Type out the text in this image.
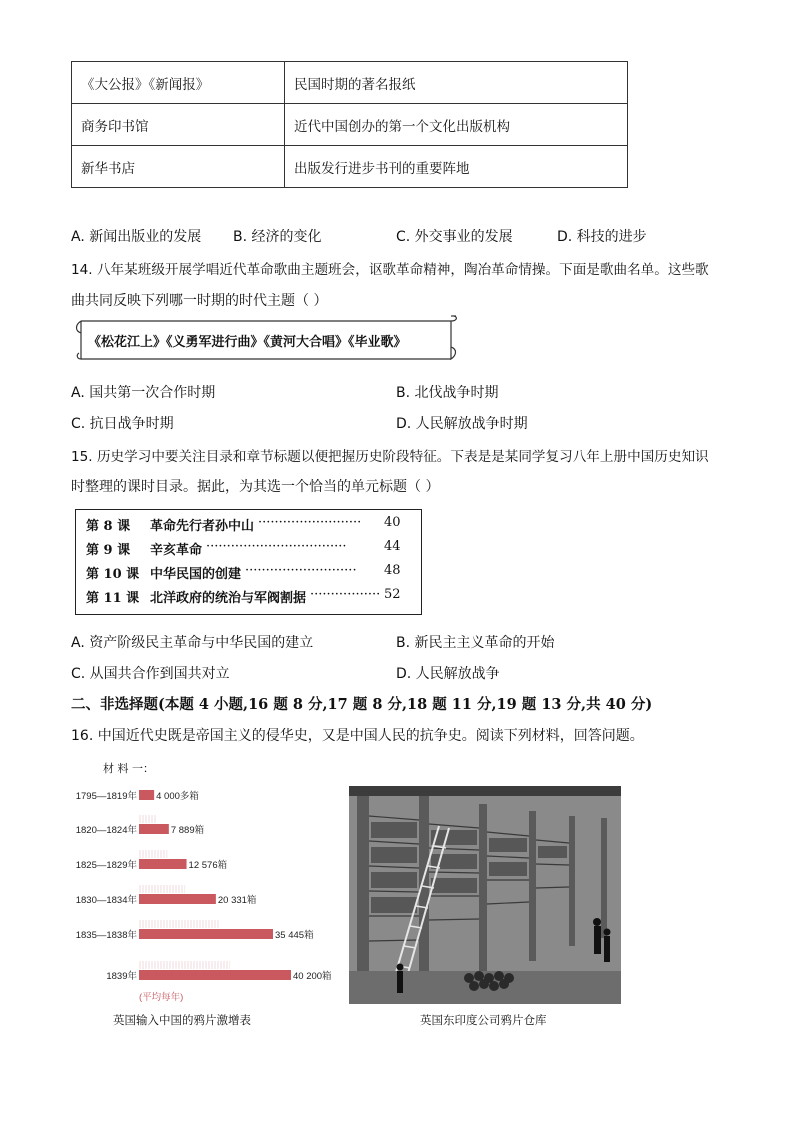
《大公报》《新闻报》	民国时期的著名报纸
商务印书馆	近代中国创办的第一个文化出版机构
新华书店	出版发行进步书刊的重要阵地
A. 新闻出版业的发展 B. 经济的变化	C. 外交事业的发展	D. 科技的进步
14. 八年某班级开展学唱近代革命歌曲主题班会，讴歌革命精神，陶冶革命情操。下面是歌曲名单。这些歌
曲共同反映下列哪一时期的时代主题（ ）
《松花江上》《义勇军进行曲》《黄河大合唱》《毕业歌》
A. 国共第一次合作时期	B. 北伐战争时期
C. 抗日战争时期	D. 人民解放战争时期
15. 历史学习中要关注目录和章节标题以便把握历史阶段特征。下表是是某同学复习八年上册中国历史知识
时整理的课时目录。据此，为其选一个恰当的单元标题（ ）
第 8 课 革命先行者孙中山 ························· 40
第 9 课 辛亥革命 ··································	44
第 10 课 中华民国的创建 ··························· 48
第 11 课 北洋政府的统治与军阀割据 ················· 52
A. 资产阶级民主革命与中华民国的建立	B. 新民主主义革命的开始
C. 从国共合作到国共对立	D. 人民解放战争
二、非选择题(本题 4 小题,16 题 8 分,17 题 8 分,18 题 11 分,19 题 13 分,共 40 分)
16. 中国近代史既是帝国主义的侵华史，又是中国人民的抗争史。阅读下列材料，回答问题。
材 料 一：
1795—1819年 4 000多箱
1820—1824年	7 889箱
1825—1829年	12 576箱
1830—1834年	20 331箱
1835—1838年	35 445箱
1839年	40 200箱
(平均每年)
英国输入中国的鸦片激增表	英国东印度公司鸦片仓库
